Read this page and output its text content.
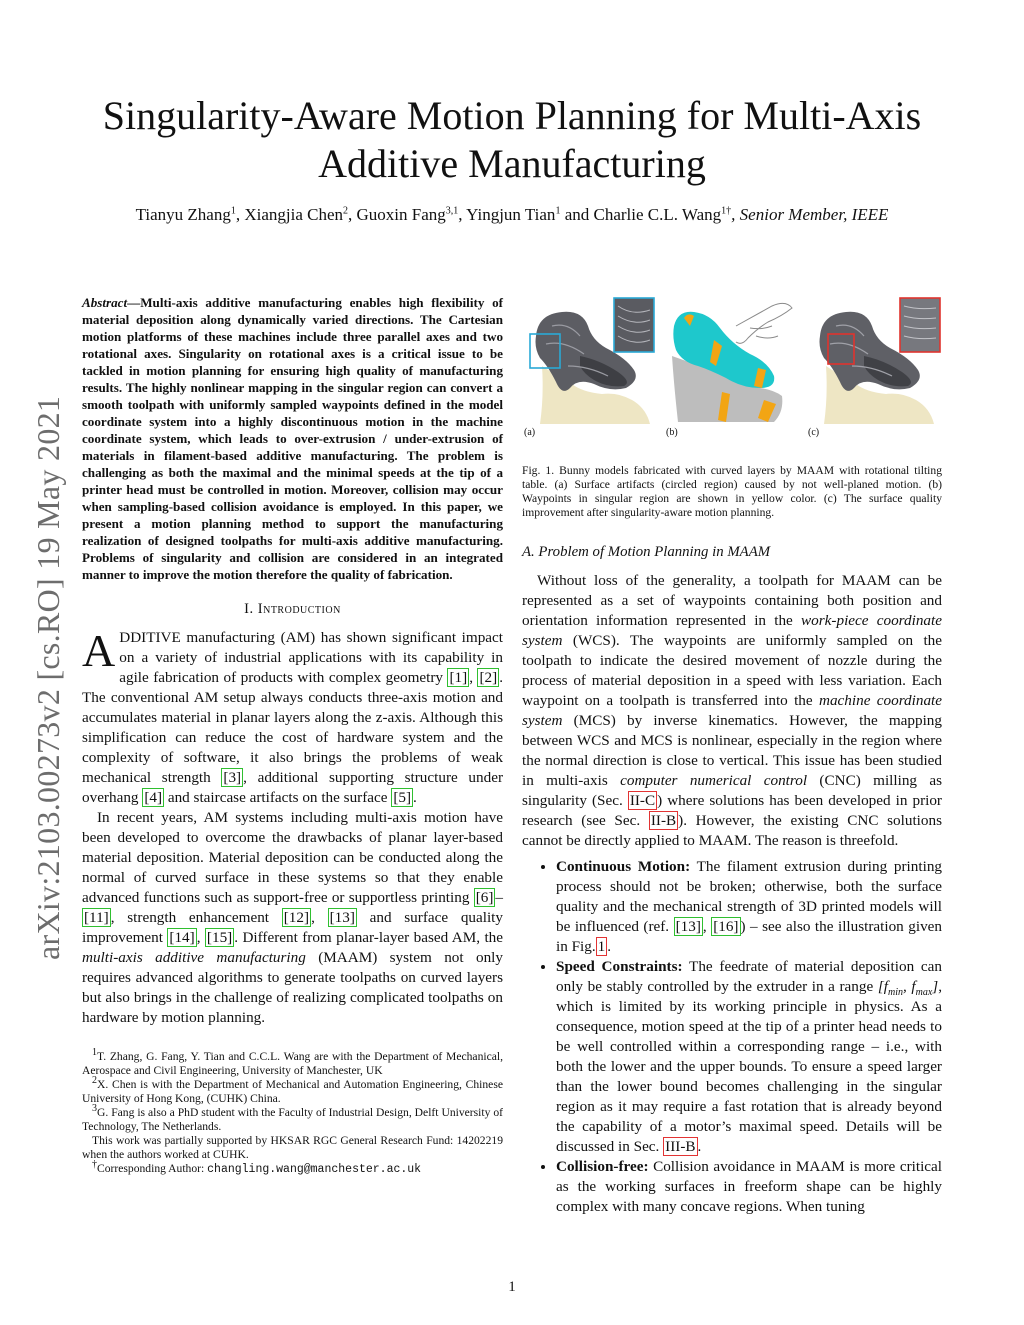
Singularity-Aware Motion Planning for Multi-Axis
Additive Manufacturing
Tianyu Zhang$^1$, Xiangjia Chen$^2$, Guoxin Fang$^{3,1}$, Yingjun Tian$^1$ and Charlie C.L. Wang$^{1\dagger}$, Senior Member, IEEE
arXiv:2103.00273v2 [cs.RO] 19 May 2021
Abstract—Multi-axis additive manufacturing enables high flexibility of material deposition along dynamically varied directions. The Cartesian motion platforms of these machines include three parallel axes and two rotational axes. Singularity on rotational axes is a critical issue to be tackled in motion planning for ensuring high quality of manufacturing results. The highly nonlinear mapping in the singular region can convert a smooth toolpath with uniformly sampled waypoints defined in the model coordinate system into a highly discontinuous motion in the machine coordinate system, which leads to over-extrusion / under-extrusion of materials in filament-based additive manufacturing. The problem is challenging as both the maximal and the minimal speeds at the tip of a printer head must be controlled in motion. Moreover, collision may occur when sampling-based collision avoidance is employed. In this paper, we present a motion planning method to support the manufacturing realization of designed toolpaths for multi-axis additive manufacturing. Problems of singularity and collision are considered in an integrated manner to improve the motion therefore the quality of fabrication.
I. Introduction

ADDITIVE manufacturing (AM) has shown significant impact on a variety of industrial applications with its capability in agile fabrication of products with complex geometry [1] , [2] . The conventional AM setup always conducts three-axis motion and accumulates material in planar layers along the z-axis. Although this simplification can reduce the cost of hardware system and the complexity of software, it also brings the problems of weak mechanical strength [3] , additional supporting structure under overhang [4] and staircase artifacts on the surface [5] .

In recent years, AM systems including multi-axis motion have been developed to overcome the drawbacks of planar layer-based material deposition. Material deposition can be conducted along the normal of curved surface in these systems so that they enable advanced functions such as support-free or supportless printing [6] –[11] , strength enhancement [12] , [13] and surface quality improvement [14] , [15] . Different from planar-layer based AM, the multi-axis additive manufacturing (MAAM) system not only requires advanced algorithms to generate toolpaths on curved layers but also brings in the challenge of realizing complicated toolpaths on hardware by motion planning.

$^1$T. Zhang, G. Fang, Y. Tian and C.C.L. Wang are with the Department of Mechanical, Aerospace and Civil Engineering, University of Manchester, UK

$^2$X. Chen is with the Department of Mechanical and Automation Engineering, Chinese University of Hong Kong, (CUHK) China.

$^3$G. Fang is also a PhD student with the Faculty of Industrial Design, Delft University of Technology, The Netherlands.

This work was partially supported by HKSAR RGC General Research Fund: 14202219 when the authors worked at CUHK.

†Corresponding Author: changling.wang@manchester.ac.uk

(a)	(b)	(c)
Fig. 1. Bunny models fabricated with curved layers by MAAM with rotational tilting table. (a) Surface artifacts (circled region) caused by not well-planed motion. (b) Waypoints in singular region are shown in yellow color. (c) The surface quality improvement after singularity-aware motion planning.
A. Problem of Motion Planning in MAAM

Without loss of the generality, a toolpath for MAAM can be represented as a set of waypoints containing both position and orientation information represented in the work-piece coordinate system (WCS). The waypoints are uniformly sampled on the toolpath to indicate the desired movement of nozzle during the process of material deposition in a speed with less variation. Each waypoint on a toolpath is transferred into the machine coordinate system (MCS) by inverse kinematics. However, the mapping between WCS and MCS is nonlinear, especially in the region where the normal direction is close to vertical. This issue has been studied in multi-axis computer numerical control (CNC) milling as singularity (Sec. II-C ) where solutions has been developed in prior research (see Sec. II-B ). However, the existing CNC solutions cannot be directly applied to MAAM. The reason is threefold.

• Continuous Motion: The filament extrusion during printing process should not be broken; otherwise, both the surface quality and the mechanical strength of 3D printed models will be influenced (ref. [13] , [16] ) – see also the illustration given in Fig. 1 .
• Speed Constraints: The feedrate of material deposition can only be stably controlled by the extruder in a range [$f_{min}$, $f_{max}$], which is limited by its working principle in physics. As a consequence, motion speed at the tip of a printer head needs to be well controlled within a corresponding range – i.e., with both the lower and the upper bounds. To ensure a speed larger than the lower bound becomes challenging in the singular region as it may require a fast rotation that is already beyond the capability of a motor’s maximal speed. Details will be discussed in Sec. III-B .
• Collision-free: Collision avoidance in MAAM is more critical as the working surfaces in freeform shape can be highly complex with many concave regions. When tuning
1
